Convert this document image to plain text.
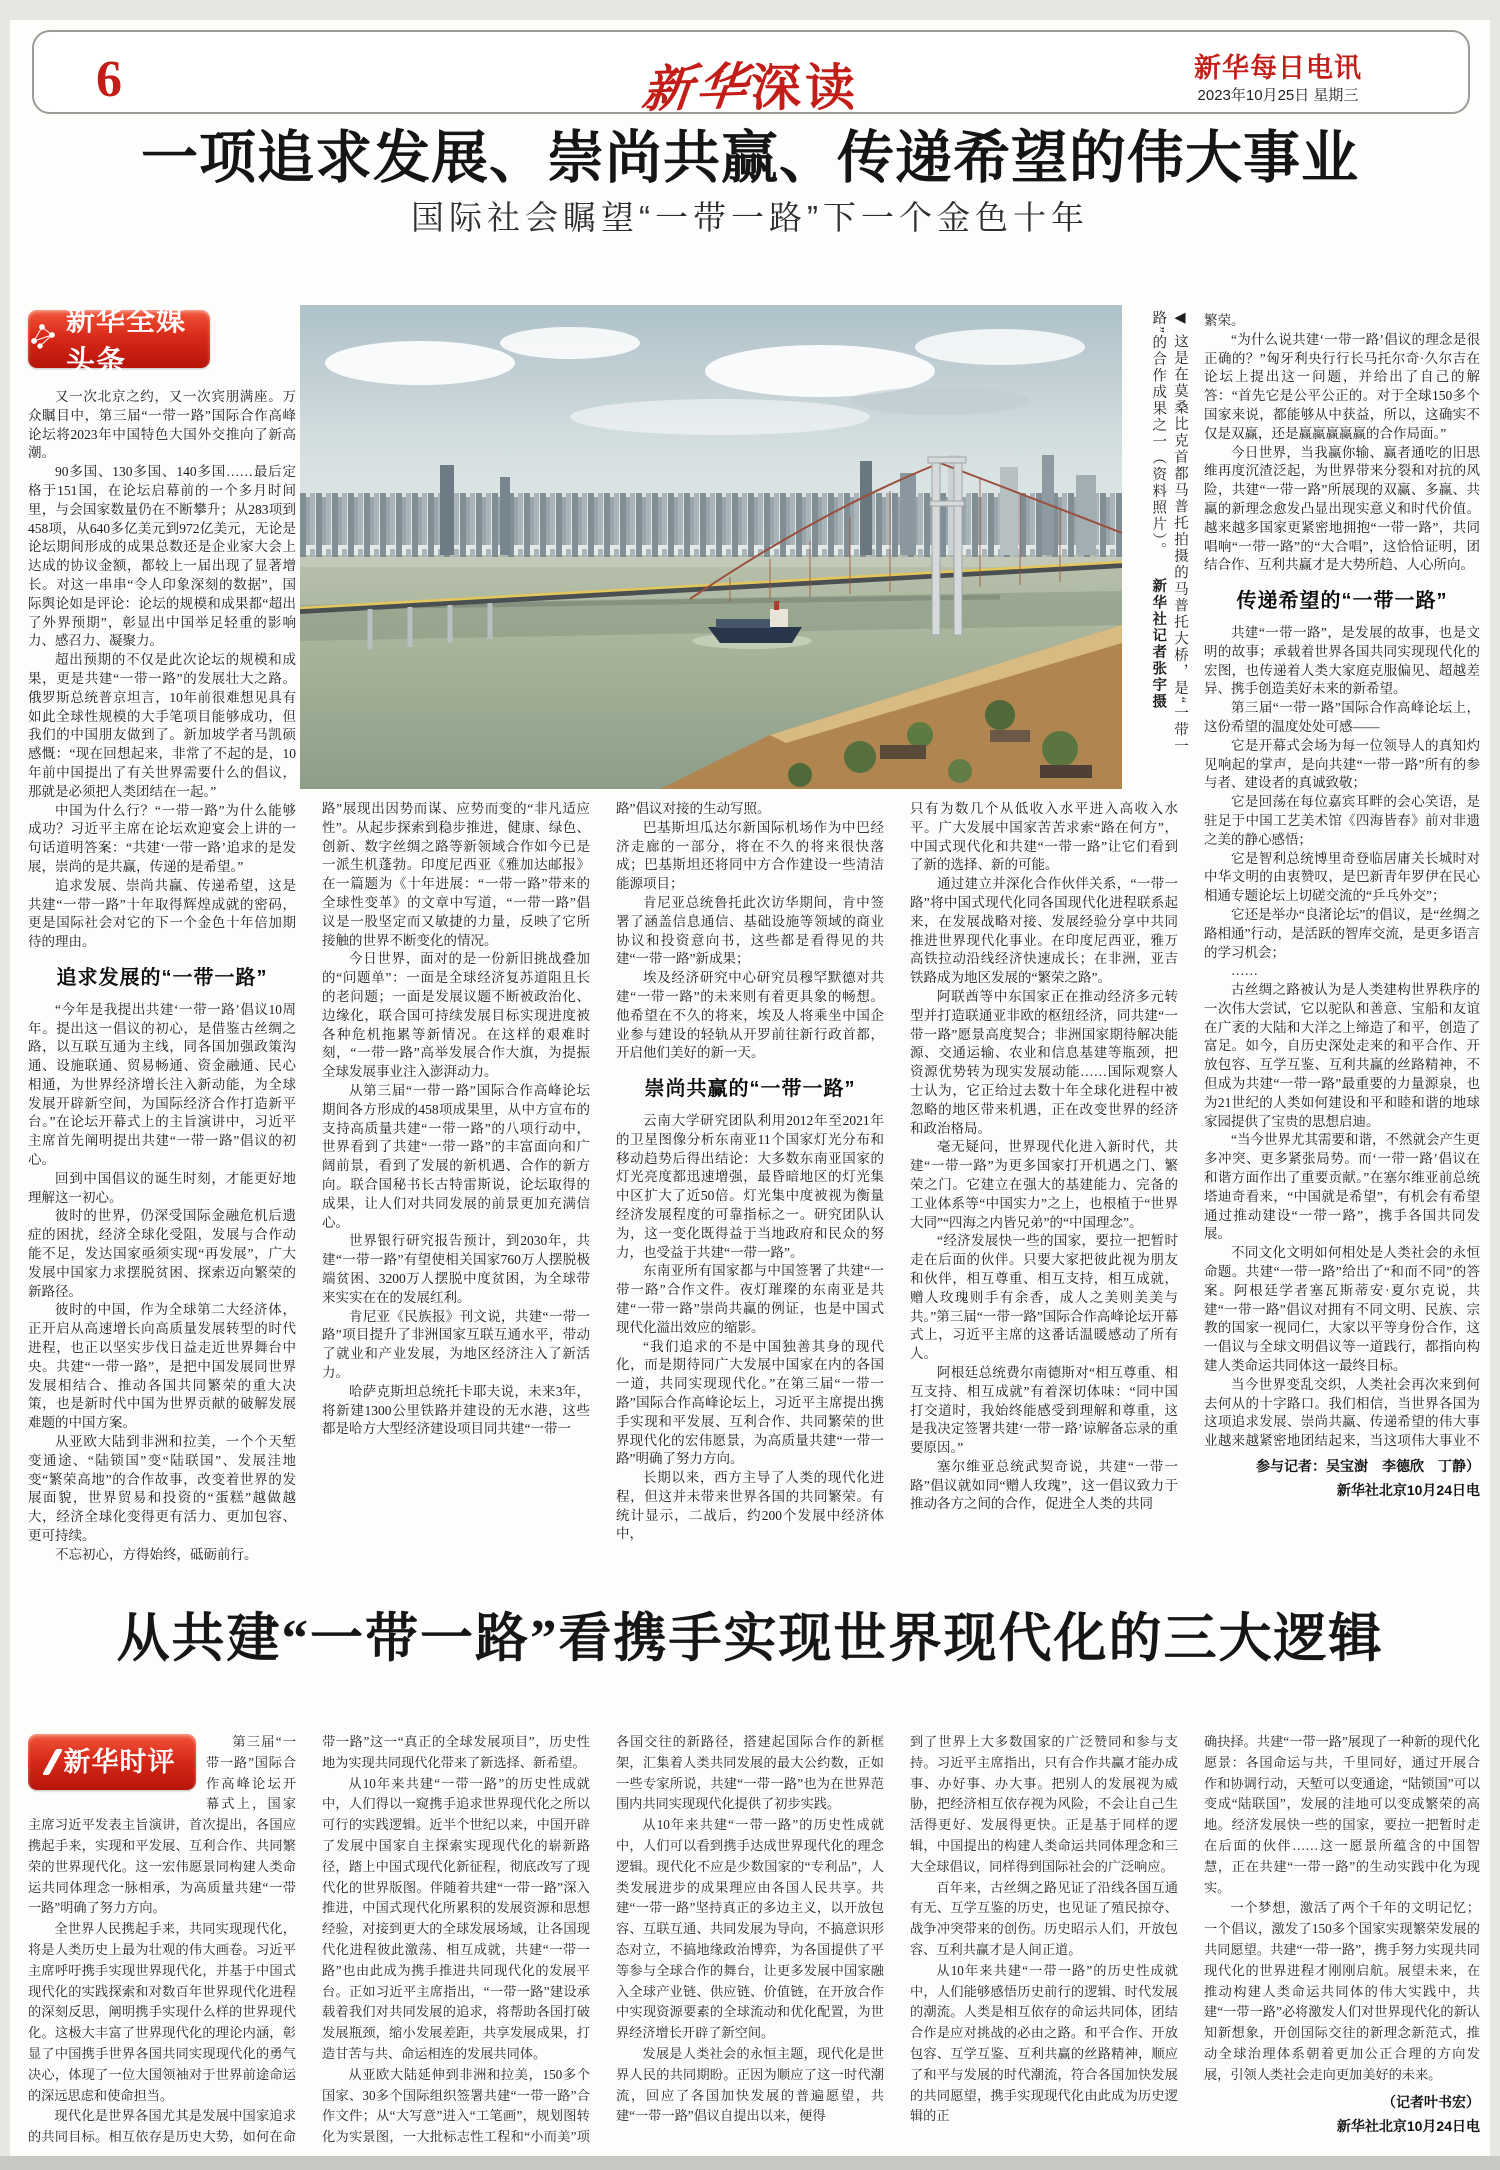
6	新华深读	新华每日电讯
2023年10月25日 星期三
一项追求发展、崇尚共赢、传递希望的伟大事业
国际社会瞩望“一带一路”下一个金色十年
新华全媒头条	◀ 这是在莫桑比克首都马普托拍摄的马普托大桥，是“一带一路”的合作成果之一（资料照片）。 新华社记者张宇摄

又一次北京之约，又一次宾朋满座。万众瞩目中，第三届“一带一路”国际合作高峰论坛将2023年中国特色大国外交推向了新高潮。

90多国、130多国、140多国……最后定格于151国，在论坛启幕前的一个多月时间里，与会国家数量仍在不断攀升；从283项到458项，从640多亿美元到972亿美元，无论是论坛期间形成的成果总数还是企业家大会上达成的协议金额，都较上一届出现了显著增长。对这一串串“令人印象深刻的数据”，国际舆论如是评论：论坛的规模和成果都“超出了外界预期”，彰显出中国举足轻重的影响力、感召力、凝聚力。

超出预期的不仅是此次论坛的规模和成果，更是共建“一带一路”的发展壮大之路。俄罗斯总统普京坦言，10年前很难想见具有如此全球性规模的大手笔项目能够成功，但我们的中国朋友做到了。新加坡学者马凯硕感慨：“现在回想起来，非常了不起的是，10年前中国提出了有关世界需要什么的倡议，那就是必须把人类团结在一起。”

中国为什么行？“一带一路”为什么能够成功？习近平主席在论坛欢迎宴会上讲的一句话道明答案：“共建‘一带一路’追求的是发展，崇尚的是共赢，传递的是希望。”

追求发展、崇尚共赢、传递希望，这是共建“一带一路”十年取得辉煌成就的密码，更是国际社会对它的下一个金色十年倍加期待的理由。

追求发展的“一带一路”

“今年是我提出共建‘一带一路’倡议10周年。提出这一倡议的初心，是借鉴古丝绸之路，以互联互通为主线，同各国加强政策沟通、设施联通、贸易畅通、资金融通、民心相通，为世界经济增长注入新动能，为全球发展开辟新空间，为国际经济合作打造新平台。”在论坛开幕式上的主旨演讲中，习近平主席首先阐明提出共建“一带一路”倡议的初心。

回到中国倡议的诞生时刻，才能更好地理解这一初心。

彼时的世界，仍深受国际金融危机后遗症的困扰，经济全球化受阻，发展与合作动能不足，发达国家亟须实现“再发展”，广大发展中国家力求摆脱贫困、探索迈向繁荣的新路径。

彼时的中国，作为全球第二大经济体，正开启从高速增长向高质量发展转型的时代进程，也正以坚实步伐日益走近世界舞台中央。共建“一带一路”，是把中国发展同世界发展相结合、推动各国共同繁荣的重大决策，也是新时代中国为世界贡献的破解发展难题的中国方案。

从亚欧大陆到非洲和拉美，一个个天堑变通途、“陆锁国”变“陆联国”、发展洼地变“繁荣高地”的合作故事，改变着世界的发展面貌，世界贸易和投资的“蛋糕”越做越大，经济全球化变得更有活力、更加包容、更可持续。

不忘初心，方得始终，砥砺前行。

路”展现出因势而谋、应势而变的“非凡适应性”。从起步探索到稳步推进，健康、绿色、创新、数字丝绸之路等新领域合作如今已是一派生机蓬勃。印度尼西亚《雅加达邮报》在一篇题为《十年进展：“一带一路”带来的全球性变革》的文章中写道，“一带一路”倡议是一股坚定而又敏捷的力量，反映了它所接触的世界不断变化的情况。

今日世界，面对的是一份新旧挑战叠加的“问题单”：一面是全球经济复苏道阻且长的老问题；一面是发展议题不断被政治化、边缘化，联合国可持续发展目标实现进度被各种危机拖累等新情况。在这样的艰难时刻，“一带一路”高举发展合作大旗，为提振全球发展事业注入澎湃动力。

从第三届“一带一路”国际合作高峰论坛期间各方形成的458项成果里，从中方宣布的支持高质量共建“一带一路”的八项行动中，世界看到了共建“一带一路”的丰富面向和广阔前景，看到了发展的新机遇、合作的新方向。联合国秘书长古特雷斯说，论坛取得的成果，让人们对共同发展的前景更加充满信心。

世界银行研究报告预计，到2030年，共建“一带一路”有望使相关国家760万人摆脱极端贫困、3200万人摆脱中度贫困，为全球带来实实在在的发展红利。

肯尼亚《民族报》刊文说，共建“一带一路”项目提升了非洲国家互联互通水平，带动了就业和产业发展，为地区经济注入了新活力。

哈萨克斯坦总统托卡耶夫说，未来3年，将新建1300公里铁路并建设的无水港，这些都是哈方大型经济建设项目同共建“一带一

路”倡议对接的生动写照。

巴基斯坦瓜达尔新国际机场作为中巴经济走廊的一部分，将在不久的将来很快落成；巴基斯坦还将同中方合作建设一些清洁能源项目；

肯尼亚总统鲁托此次访华期间，肯中签署了涵盖信息通信、基础设施等领域的商业协议和投资意向书，这些都是看得见的共建“一带一路”新成果；

埃及经济研究中心研究员穆罕默德对共建“一带一路”的未来则有着更具象的畅想。他希望在不久的将来，埃及人将乘坐中国企业参与建设的轻轨从开罗前往新行政首都，开启他们美好的新一天。

崇尚共赢的“一带一路”

云南大学研究团队利用2012年至2021年的卫星图像分析东南亚11个国家灯光分布和移动趋势后得出结论：大多数东南亚国家的灯光亮度都迅速增强，最昏暗地区的灯光集中区扩大了近50倍。灯光集中度被视为衡量经济发展程度的可靠指标之一。研究团队认为，这一变化既得益于当地政府和民众的努力，也受益于共建“一带一路”。

东南亚所有国家都与中国签署了共建“一带一路”合作文件。夜灯璀璨的东南亚是共建“一带一路”崇尚共赢的例证，也是中国式现代化溢出效应的缩影。

“我们追求的不是中国独善其身的现代化，而是期待同广大发展中国家在内的各国一道，共同实现现代化。”在第三届“一带一路”国际合作高峰论坛上，习近平主席提出携手实现和平发展、互利合作、共同繁荣的世界现代化的宏伟愿景，为高质量共建“一带一路”明确了努力方向。

长期以来，西方主导了人类的现代化进程，但这并未带来世界各国的共同繁荣。有统计显示，二战后，约200个发展中经济体中，

只有为数几个从低收入水平进入高收入水平。广大发展中国家苦苦求索“路在何方”，中国式现代化和共建“一带一路”让它们看到了新的选择、新的可能。

通过建立并深化合作伙伴关系，“一带一路”将中国式现代化同各国现代化进程联系起来，在发展战略对接、发展经验分享中共同推进世界现代化事业。在印度尼西亚，雅万高铁拉动沿线经济快速成长；在非洲，亚吉铁路成为地区发展的“繁荣之路”。

阿联酋等中东国家正在推动经济多元转型并打造联通亚非欧的枢纽经济，同共建“一带一路”愿景高度契合；非洲国家期待解决能源、交通运输、农业和信息基建等瓶颈，把资源优势转为现实发展动能……国际观察人士认为，它正给过去数十年全球化进程中被忽略的地区带来机遇，正在改变世界的经济和政治格局。

毫无疑问，世界现代化进入新时代，共建“一带一路”为更多国家打开机遇之门、繁荣之门。它建立在强大的基建能力、完备的工业体系等“中国实力”之上，也根植于“世界大同”“四海之内皆兄弟”的“中国理念”。

“经济发展快一些的国家，要拉一把暂时走在后面的伙伴。只要大家把彼此视为朋友和伙伴，相互尊重、相互支持，相互成就，赠人玫瑰则手有余香，成人之美则美美与共。”第三届“一带一路”国际合作高峰论坛开幕式上，习近平主席的这番话温暖感动了所有人。

阿根廷总统费尔南德斯对“相互尊重、相互支持、相互成就”有着深切体味：“同中国打交道时，我始终能感受到理解和尊重，这是我决定签署共建‘一带一路’谅解备忘录的重要原因。”

塞尔维亚总统武契奇说，共建“一带一路”倡议就如同“赠人玫瑰”，这一倡议致力于推动各方之间的合作，促进全人类的共同

繁荣。

“为什么说共建‘一带一路’倡议的理念是很正确的？”匈牙利央行行长马托尔奇·久尔吉在论坛上提出这一问题，并给出了自己的解答：“首先它是公平公正的。对于全球150多个国家来说，都能够从中获益，所以，这确实不仅是双赢，还是赢赢赢赢赢的合作局面。”

今日世界，当我赢你输、赢者通吃的旧思维再度沉渣泛起，为世界带来分裂和对抗的风险，共建“一带一路”所展现的双赢、多赢、共赢的新理念愈发凸显出现实意义和时代价值。越来越多国家更紧密地拥抱“一带一路”，共同唱响“一带一路”的“大合唱”，这恰恰证明，团结合作、互利共赢才是大势所趋、人心所向。

传递希望的“一带一路”

共建“一带一路”，是发展的故事，也是文明的故事；承载着世界各国共同实现现代化的宏图，也传递着人类大家庭克服偏见、超越差异、携手创造美好未来的新希望。

第三届“一带一路”国际合作高峰论坛上，这份希望的温度处处可感——

它是开幕式会场为每一位领导人的真知灼见响起的掌声，是向共建“一带一路”所有的参与者、建设者的真诚致敬；

它是回荡在每位嘉宾耳畔的会心笑语，是驻足于中国工艺美术馆《四海皆春》前对非遗之美的静心感悟；

它是智利总统博里奇登临居庸关长城时对中华文明的由衷赞叹，是巴新青年罗伊在民心相通专题论坛上切磋交流的“乒乓外交”；

它还是举办“良渚论坛”的倡议，是“丝绸之路相通”行动，是活跃的智库交流，是更多语言的学习机会；

……

古丝绸之路被认为是人类建构世界秩序的一次伟大尝试，它以驼队和善意、宝船和友谊在广袤的大陆和大洋之上缔造了和平，创造了富足。如今，自历史深处走来的和平合作、开放包容、互学互鉴、互利共赢的丝路精神，不但成为共建“一带一路”最重要的力量源泉，也为21世纪的人类如何建设和平和睦和谐的地球家园提供了宝贵的思想启迪。

“当今世界尤其需要和谐，不然就会产生更多冲突、更多紧张局势。而‘一带一路’倡议在和谐方面作出了重要贡献。”在塞尔维亚前总统塔迪奇看来，“中国就是希望”，有机会有希望通过推动建设“一带一路”，携手各国共同发展。

不同文化文明如何相处是人类社会的永恒命题。共建“一带一路”给出了“和而不同”的答案。阿根廷学者塞瓦斯蒂安·夏尔克说，共建“一带一路”倡议对拥有不同文明、民族、宗教的国家一视同仁，大家以平等身份合作，这一倡议与全球文明倡议等一道践行，都指向构建人类命运共同体这一最终目标。

当今世界变乱交织，人类社会再次来到何去何从的十字路口。我们相信，当世界各国为这项追求发展、崇尚共赢、传递希望的伟大事业越来越紧密地团结起来，当这项伟大事业不

参与记者：吴宝澍　李德欣　丁静）
新华社北京10月24日电
从共建“一带一路”看携手实现世界现代化的三大逻辑
新华时评

第三届“一带一路”国际合作高峰论坛开幕式上，国家主席习近平发表主旨演讲，首次提出，各国应携起手来，实现和平发展、互利合作、共同繁荣的世界现代化。这一宏伟愿景同构建人类命运共同体理念一脉相承，为高质量共建“一带一路”明确了努力方向。

全世界人民携起手来，共同实现现代化，将是人类历史上最为壮观的伟大画卷。习近平主席呼吁携手实现世界现代化，并基于中国式现代化的实践探索和对数百年世界现代化进程的深刻反思，阐明携手实现什么样的世界现代化。这极大丰富了世界现代化的理论内涵，彰显了中国携手世界各国共同实现现代化的勇气决心，体现了一位大国领袖对于世界前途命运的深远思虑和使命担当。

现代化是世界各国尤其是发展中国家追求的共同目标。相互依存是历史大势，如何在命

带一路”这一“真正的全球发展项目”，历史性地为实现共同现代化带来了新选择、新希望。

从10年来共建“一带一路”的历史性成就中，人们得以一窥携手追求世界现代化之所以可行的实践逻辑。近半个世纪以来，中国开辟了发展中国家自主探索实现现代化的崭新路径，踏上中国式现代化新征程，彻底改写了现代化的世界版图。伴随着共建“一带一路”深入推进，中国式现代化所累积的发展资源和思想经验，对接到更大的全球发展场域，让各国现代化进程彼此激荡、相互成就，共建“一带一路”也由此成为携手推进共同现代化的发展平台。正如习近平主席指出，“一带一路”建设承载着我们对共同发展的追求，将帮助各国打破发展瓶颈，缩小发展差距，共享发展成果，打造甘苦与共、命运相连的发展共同体。

从亚欧大陆延伸到非洲和拉美，150多个国家、30多个国际组织签署共建“一带一路”合作文件；从“大写意”进入“工笔画”，规划图转化为实景图，一大批标志性工程和“小而美”项

各国交往的新路径，搭建起国际合作的新框架，汇集着人类共同发展的最大公约数，正如一些专家所说，共建“一带一路”也为在世界范围内共同实现现代化提供了初步实践。

从10年来共建“一带一路”的历史性成就中，人们可以看到携手达成世界现代化的理念逻辑。现代化不应是少数国家的“专利品”，人类发展进步的成果理应由各国人民共享。共建“一带一路”坚持真正的多边主义，以开放包容、互联互通、共同发展为导向，不搞意识形态对立，不搞地缘政治博弈，为各国提供了平等参与全球合作的舞台，让更多发展中国家融入全球产业链、供应链、价值链，在开放合作中实现资源要素的全球流动和优化配置，为世界经济增长开辟了新空间。

发展是人类社会的永恒主题，现代化是世界人民的共同期盼。正因为顺应了这一时代潮流，回应了各国加快发展的普遍愿望，共建“一带一路”倡议自提出以来，便得

到了世界上大多数国家的广泛赞同和参与支持。习近平主席指出，只有合作共赢才能办成事、办好事、办大事。把别人的发展视为威胁，把经济相互依存视为风险，不会让自己生活得更好、发展得更快。正是基于同样的逻辑，中国提出的构建人类命运共同体理念和三大全球倡议，同样得到国际社会的广泛响应。

百年来，古丝绸之路见证了沿线各国互通有无、互学互鉴的历史，也见证了殖民掠夺、战争冲突带来的创伤。历史昭示人们，开放包容、互利共赢才是人间正道。

从10年来共建“一带一路”的历史性成就中，人们能够感悟历史前行的逻辑、时代发展的潮流。人类是相互依存的命运共同体，团结合作是应对挑战的必由之路。和平合作、开放包容、互学互鉴、互利共赢的丝路精神，顺应了和平与发展的时代潮流，符合各国加快发展的共同愿望，携手实现现代化由此成为历史逻辑的正

确抉择。共建“一带一路”展现了一种新的现代化愿景：各国命运与共，千里同好，通过开展合作和协调行动，天堑可以变通途，“陆锁国”可以变成“陆联国”，发展的洼地可以变成繁荣的高地。经济发展快一些的国家，要拉一把暂时走在后面的伙伴……这一愿景所蕴含的中国智慧，正在共建“一带一路”的生动实践中化为现实。

一个梦想，激活了两个千年的文明记忆；一个倡议，激发了150多个国家实现繁荣发展的共同愿望。共建“一带一路”，携手努力实现共同现代化的世界进程才刚刚启航。展望未来，在推动构建人类命运共同体的伟大实践中，共建“一带一路”必将激发人们对世界现代化的新认知新想象，开创国际交往的新理念新范式，推动全球治理体系朝着更加公正合理的方向发展，引领人类社会走向更加美好的未来。

（记者叶书宏）
新华社北京10月24日电
